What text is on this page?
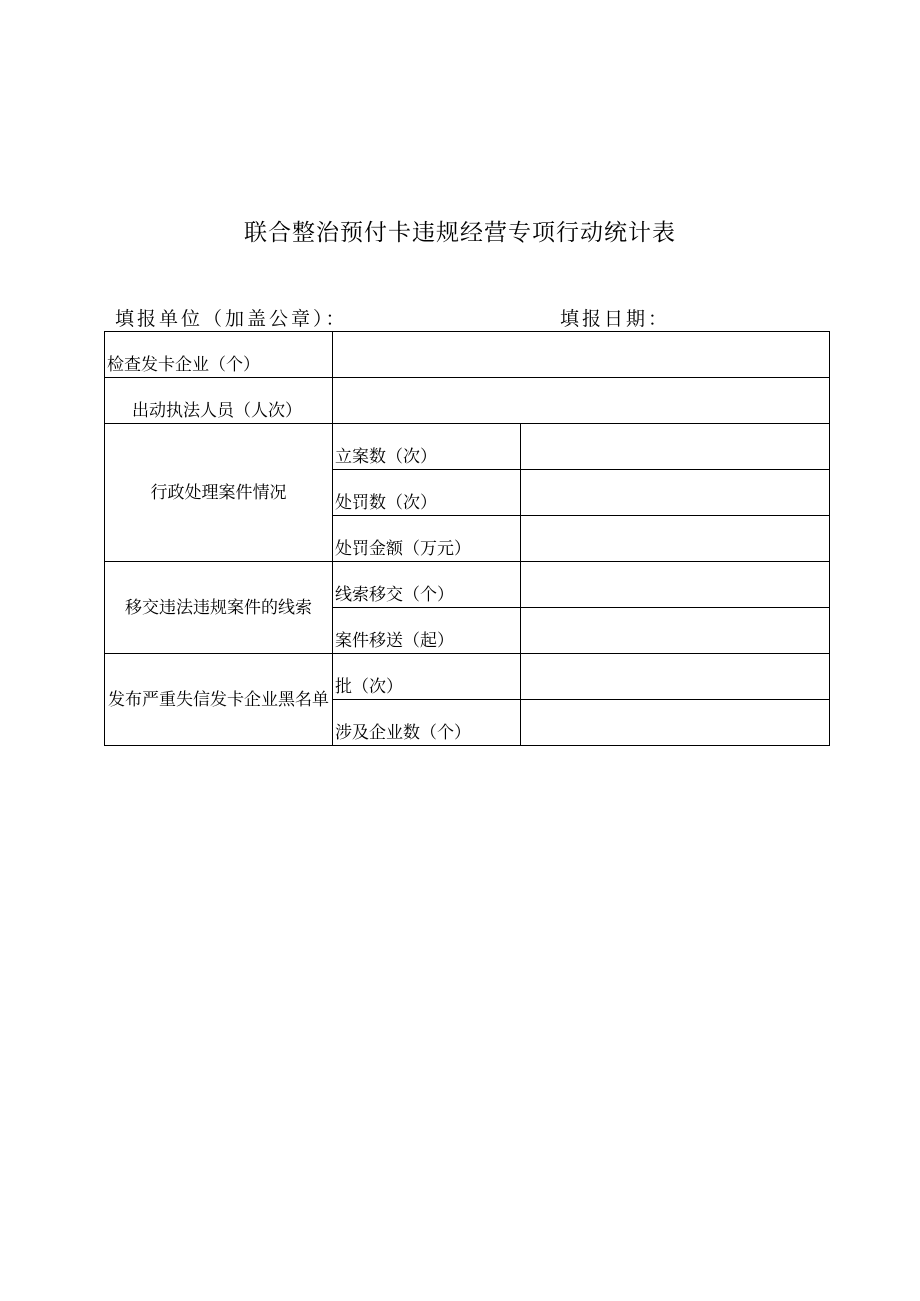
联合整治预付卡违规经营专项行动统计表
填报单位（加盖公章）：	填报日期：
检查发卡企业（个）		
出动执法人员（人次）		
行政处理案件情况	立案数（次）	
	处罚数（次）	
	处罚金额（万元）	
移交违法违规案件的线索	线索移交（个）	
	案件移送（起）	
发布严重失信发卡企业黑名单	批（次）	
	涉及企业数（个）	
